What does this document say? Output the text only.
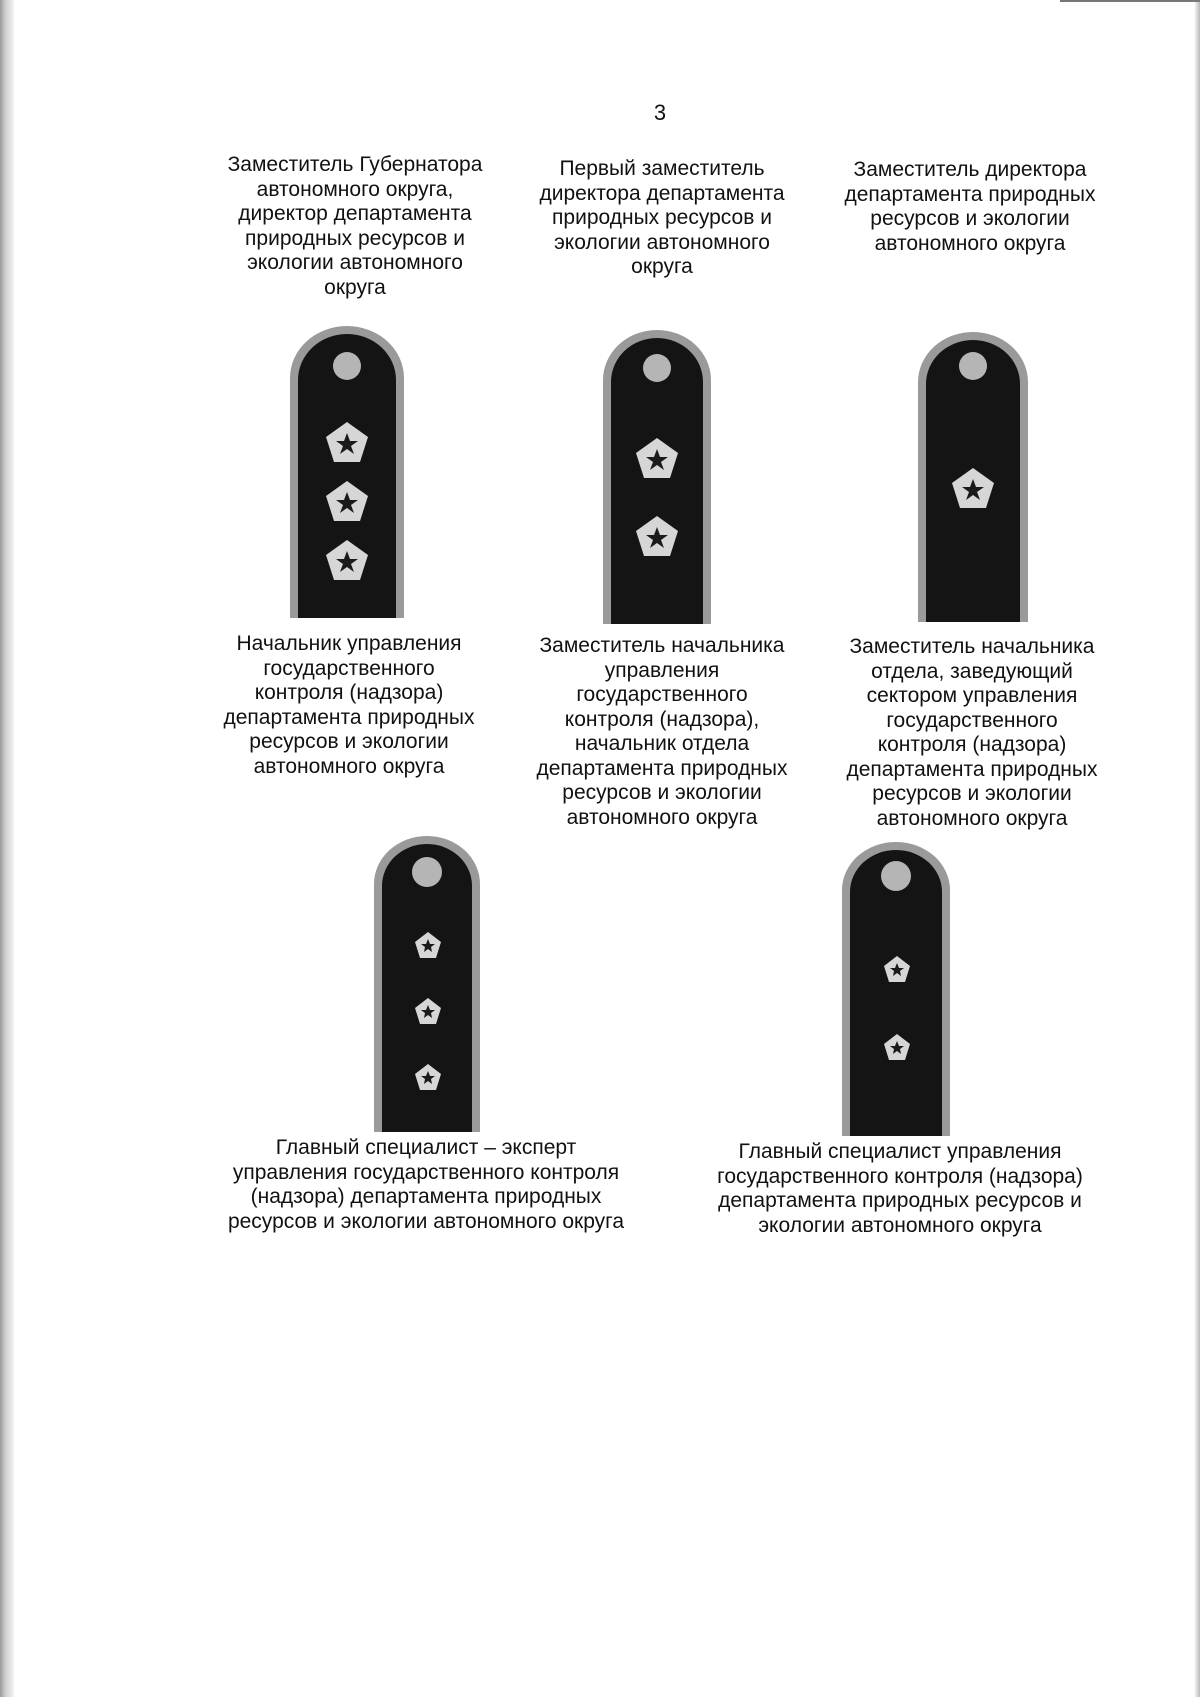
3
Заместитель Губернатора
автономного округа,
директор департамента
природных ресурсов и
экологии автономного
округа
Первый заместитель
директора департамента
природных ресурсов и
экологии автономного
округа
Заместитель директора
департамента природных
ресурсов и экологии
автономного округа
Начальник управления
государственного
контроля (надзора)
департамента природных
ресурсов и экологии
автономного округа
Заместитель начальника
управления
государственного
контроля (надзора),
начальник отдела
департамента природных
ресурсов и экологии
автономного округа
Заместитель начальника
отдела, заведующий
сектором управления
государственного
контроля (надзора)
департамента природных
ресурсов и экологии
автономного округа
Главный специалист – эксперт
управления государственного контроля
(надзора) департамента природных
ресурсов и экологии автономного округа
Главный специалист управления
государственного контроля (надзора)
департамента природных ресурсов и
экологии автономного округа
